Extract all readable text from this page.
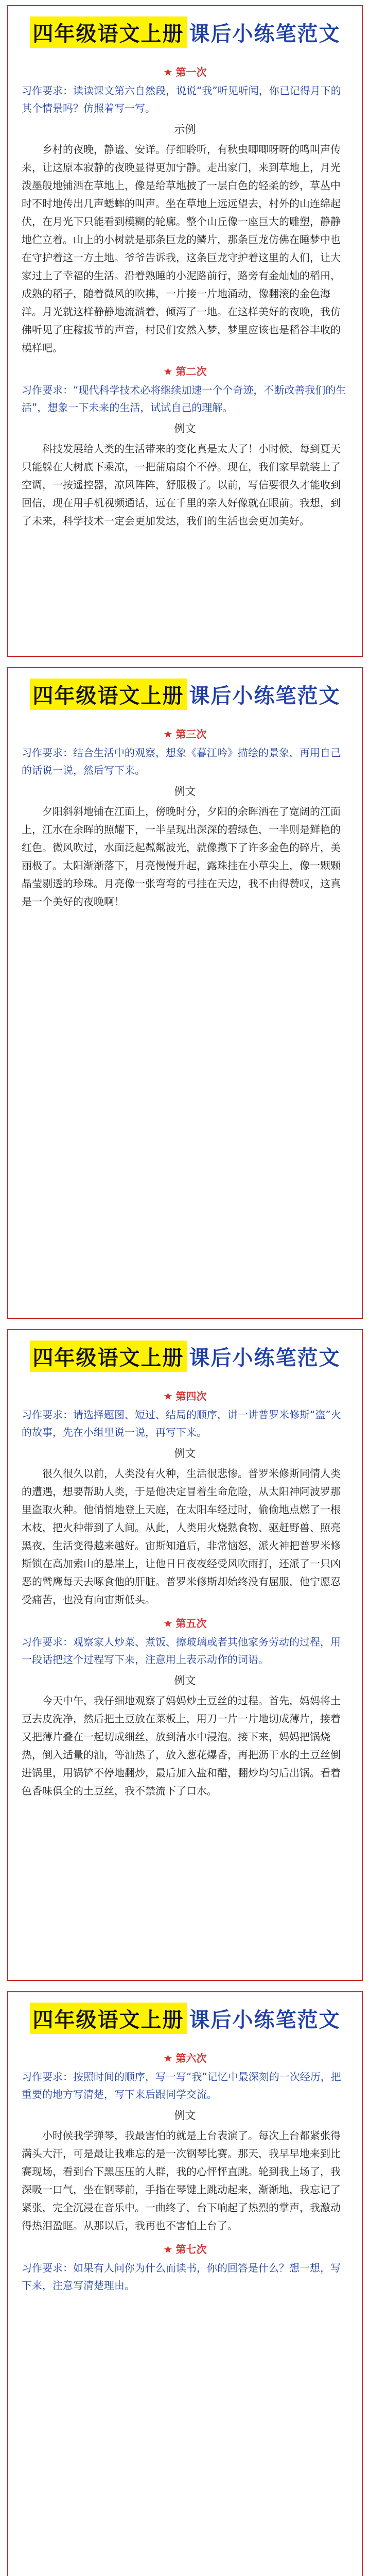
四年级语文上册 课后小练笔范文
★ 第一次

习作要求：读读课文第六自然段，说说“我”听见听闻，你已记得月下的其个情景吗？仿照着写一写。

示例

乡村的夜晚，静谧、安详。仔细聆听，有秋虫唧唧呀呀的鸣叫声传来，让这原本寂静的夜晚显得更加宁静。走出家门，来到草地上，月光泼墨般地铺洒在草地上，像是给草地披了一层白色的轻柔的纱，草丛中时不时地传出几声蟋蟀的叫声。坐在草地上远远望去，村外的山连绵起伏，在月光下只能看到模糊的轮廓。整个山丘像一座巨大的雕塑，静静地伫立着。山上的小树就是那条巨龙的鳞片，那条巨龙仿佛在睡梦中也在守护着这一方土地。爷爷告诉我，这条巨龙守护着这里的人们，让大家过上了幸福的生活。沿着熟睡的小泥路前行，路旁有金灿灿的稻田，成熟的稻子，随着微风的吹拂，一片接一片地涌动，像翻滚的金色海洋。月光就这样静静地流淌着，倾泻了一地。在这样美好的夜晚，我仿佛听见了庄稼拔节的声音，村民们安然入梦，梦里应该也是稻谷丰收的模样吧。

★ 第二次

习作要求：“现代科学技术必将继续加速一个个奇迹，不断改善我们的生活”，想象一下未来的生活，试试自己的理解。

例文

科技发展给人类的生活带来的变化真是太大了！小时候，每到夏天只能躲在大树底下乘凉，一把蒲扇扇个不停。现在，我们家早就装上了空调，一按遥控器，凉风阵阵，舒服极了。以前，写信要很久才能收到回信，现在用手机视频通话，远在千里的亲人好像就在眼前。我想，到了未来，科学技术一定会更加发达，我们的生活也会更加美好。

四年级语文上册 课后小练笔范文
★ 第三次

习作要求：结合生活中的观察，想象《暮江吟》描绘的景象，再用自己的话说一说，然后写下来。

例文

夕阳斜斜地铺在江面上，傍晚时分，夕阳的余晖洒在了宽阔的江面上，江水在余晖的照耀下，一半呈现出深深的碧绿色，一半则是鲜艳的红色。微风吹过，水面泛起粼粼波光，就像撒下了许多金色的碎片，美丽极了。太阳渐渐落下，月亮慢慢升起，露珠挂在小草尖上，像一颗颗晶莹剔透的珍珠。月亮像一张弯弯的弓挂在天边，我不由得赞叹，这真是一个美好的夜晚啊！

四年级语文上册 课后小练笔范文
★ 第四次

习作要求：请选择题图、短过、结局的顺序，讲一讲普罗米修斯“盗”火的故事，先在小组里说一说，再写下来。

例文

很久很久以前，人类没有火种，生活很悲惨。普罗米修斯同情人类的遭遇，想要帮助人类，于是他决定冒着生命危险，从太阳神阿波罗那里盗取火种。他悄悄地登上天庭，在太阳车经过时，偷偷地点燃了一根木枝，把火种带到了人间。从此，人类用火烧熟食物、驱赶野兽、照亮黑夜，生活变得越来越好。宙斯知道后，非常恼怒，派火神把普罗米修斯锁在高加索山的悬崖上，让他日日夜夜经受风吹雨打，还派了一只凶恶的鹫鹰每天去啄食他的肝脏。普罗米修斯却始终没有屈服，他宁愿忍受痛苦，也没有向宙斯低头。

★ 第五次

习作要求：观察家人炒菜、煮饭、擦玻璃或者其他家务劳动的过程，用一段话把这个过程写下来，注意用上表示动作的词语。

例文

今天中午，我仔细地观察了妈妈炒土豆丝的过程。首先，妈妈将土豆去皮洗净，然后把土豆放在菜板上，用刀一片一片地切成薄片，接着又把薄片叠在一起切成细丝，放到清水中浸泡。接下来，妈妈把锅烧热，倒入适量的油，等油热了，放入葱花爆香，再把沥干水的土豆丝倒进锅里，用锅铲不停地翻炒，最后加入盐和醋，翻炒均匀后出锅。看着色香味俱全的土豆丝，我不禁流下了口水。

四年级语文上册 课后小练笔范文
★ 第六次

习作要求：按照时间的顺序，写一写“我”记忆中最深刻的一次经历，把重要的地方写清楚，写下来后跟同学交流。

例文

小时候我学弹琴，我最害怕的就是上台表演了。每次上台都紧张得满头大汗，可是最让我难忘的是一次钢琴比赛。那天，我早早地来到比赛现场，看到台下黑压压的人群，我的心怦怦直跳。轮到我上场了，我深吸一口气，坐在钢琴前，手指在琴键上跳动起来，渐渐地，我忘记了紧张，完全沉浸在音乐中。一曲终了，台下响起了热烈的掌声，我激动得热泪盈眶。从那以后，我再也不害怕上台了。

★ 第七次

习作要求：如果有人问你为什么而读书，你的回答是什么？想一想，写下来，注意写清楚理由。
